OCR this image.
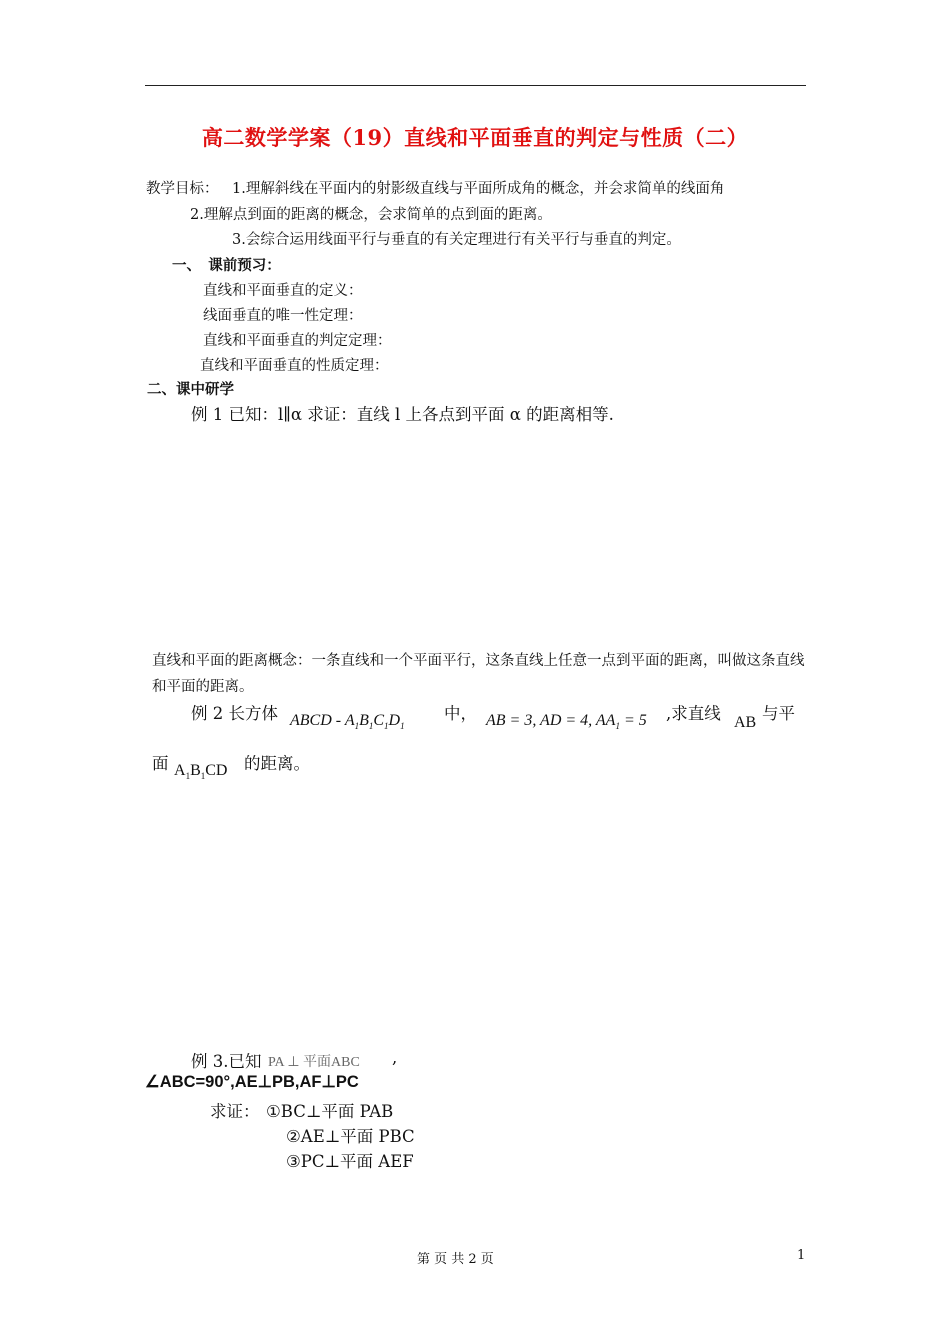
高二数学学案（19）直线和平面垂直的判定与性质（二）
教学目标： 1.理解斜线在平面内的射影级直线与平面所成角的概念，并会求简单的线面角
2.理解点到面的距离的概念，会求简单的点到面的距离。
3.会综合运用线面平行与垂直的有关定理进行有关平行与垂直的判定。
一、　课前预习：
直线和平面垂直的定义：
线面垂直的唯一性定理：
直线和平面垂直的判定定理：
直线和平面垂直的性质定理：
二、课中研学
例 1 已知：l∥α 求证：直线 l 上各点到平面 α 的距离相等.
直线和平面的距离概念：一条直线和一个平面平行，这条直线上任意一点到平面的距离，叫做这条直线和平面的距离。
例 2 长方体 ABCD - $A_1B_1C_1D_1$
中， AB = 3, AD = 4, $AA_1 = 5$ ,求直线 AB 与平
面 $A_1B_1CD$ 的距离。
例 3.已知 PA ⊥ 平面ABC ,
∠ABC=90°,AE⊥PB,AF⊥PC
求证： ①BC⊥平面 PAB
②AE⊥平面 PBC
③PC⊥平面 AEF
第 页 共 2 页	1
